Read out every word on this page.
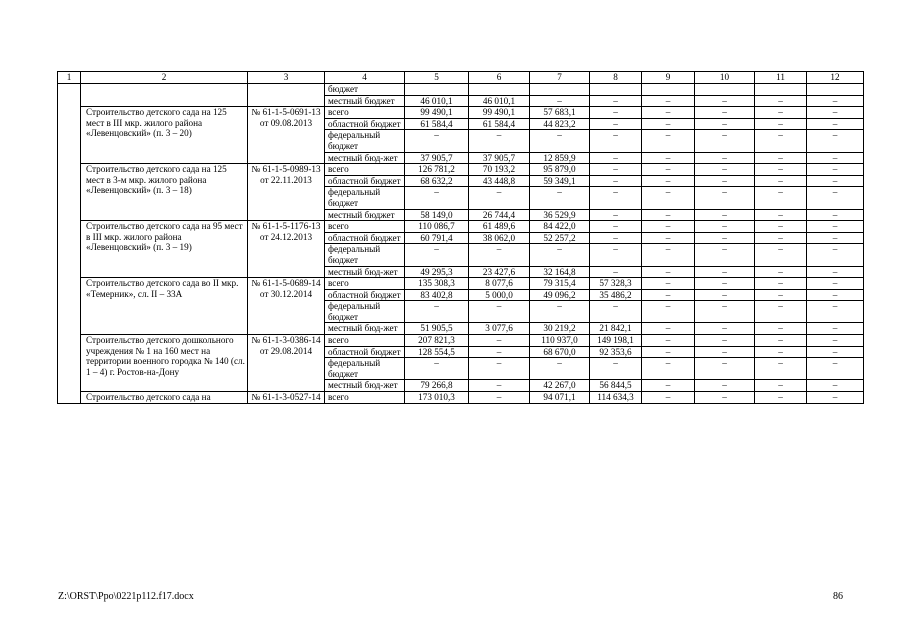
1	2	3	4	5	6	7	8	9	10	11	12
			бюджет								
			местный бюджет	46 010,1	46 010,1	–	–	–	–	–	–
	Строительство детского сада на 125 мест в III мкр. жилого района «Левенцовский» (п. 3 – 20)	№ 61-1-5-0691-13 от 09.08.2013	всего	99 490,1	99 490,1	57 683,1	–	–	–	–	–
			областной бюджет	61 584,4	61 584,4	44 823,2	–	–	–	–	–
			федеральный бюджет	–	–	–	–	–	–	–	–
			местный бюд-жет	37 905,7	37 905,7	12 859,9	–	–	–	–	–
	Строительство детского сада на 125 мест в 3-м мкр. жилого района «Левенцовский» (п. 3 – 18)	№ 61-1-5-0989-13 от 22.11.2013	всего	126 781,2	70 193,2	95 879,0	–	–	–	–	–
			областной бюджет	68 632,2	43 448,8	59 349,1	–	–	–	–	–
			федеральный бюджет	–	–	–	–	–	–	–	–
			местный бюджет	58 149,0	26 744,4	36 529,9	–	–	–	–	–
	Строительство детского сада на 95 мест в III мкр. жилого района «Левенцовский» (п. 3 – 19)	№ 61-1-5-1176-13 от 24.12.2013	всего	110 086,7	61 489,6	84 422,0	–	–	–	–	–
			областной бюджет	60 791,4	38 062,0	52 257,2	–	–	–	–	–
			федеральный бюджет	–	–	–	–	–	–	–	–
			местный бюд-жет	49 295,3	23 427,6	32 164,8	–	–	–	–	–
	Строительство детского сада во II мкр. «Темерник», сл. II – 33А	№ 61-1-5-0689-14 от 30.12.2014	всего	135 308,3	8 077,6	79 315,4	57 328,3	–	–	–	–
			областной бюджет	83 402,8	5 000,0	49 096,2	35 486,2	–	–	–	–
			федеральный бюджет	–	–	–	–	–	–	–	–
			местный бюд-жет	51 905,5	3 077,6	30 219,2	21 842,1	–	–	–	–
	Строительство детского дошкольного учреждения № 1 на 160 мест на территории военного городка № 140 (сл. 1 – 4) г. Ростов-на-Дону	№ 61-1-3-0386-14 от 29.08.2014	всего	207 821,3	–	110 937,0	149 198,1	–	–	–	–
			областной бюджет	128 554,5	–	68 670,0	92 353,6	–	–	–	–
			федеральный бюджет	–	–	–	–	–	–	–	–
			местный бюд-жет	79 266,8	–	42 267,0	56 844,5	–	–	–	–
	Строительство детского сада на	№ 61-1-3-0527-14	всего	173 010,3	–	94 071,1	114 634,3	–	–	–	–
Z:\ORST\Ppo\0221p112.f17.docx	86
